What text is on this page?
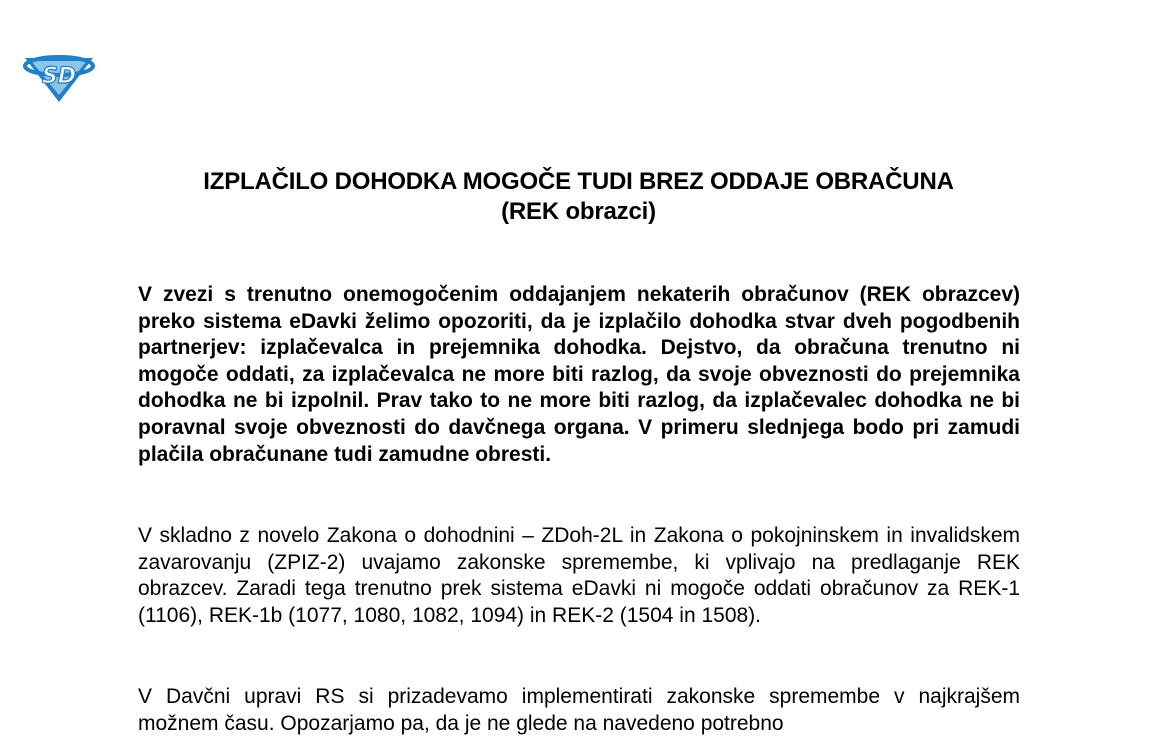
SD
IZPLAČILO DOHODKA MOGOČE TUDI BREZ ODDAJE OBRAČUNA
(REK obrazci)
V zvezi s trenutno onemogočenim oddajanjem nekaterih obračunov (REK obrazcev) preko sistema eDavki želimo opozoriti, da je izplačilo dohodka stvar dveh pogodbenih partnerjev: izplačevalca in prejemnika dohodka. Dejstvo, da obračuna trenutno ni mogoče oddati, za izplačevalca ne more biti razlog, da svoje obveznosti do prejemnika dohodka ne bi izpolnil. Prav tako to ne more biti razlog, da izplačevalec dohodka ne bi poravnal svoje obveznosti do davčnega organa. V primeru slednjega bodo pri zamudi plačila obračunane tudi zamudne obresti.
V skladno z novelo Zakona o dohodnini – ZDoh-2L in Zakona o pokojninskem in invalidskem zavarovanju (ZPIZ-2) uvajamo zakonske spremembe, ki vplivajo na predlaganje REK obrazcev. Zaradi tega trenutno prek sistema eDavki ni mogoče oddati obračunov za REK-1 (1106), REK-1b (1077, 1080, 1082, 1094) in REK-2 (1504 in 1508).
V Davčni upravi RS si prizadevamo implementirati zakonske spremembe v najkrajšem možnem času. Opozarjamo pa, da je ne glede na navedeno potrebno
